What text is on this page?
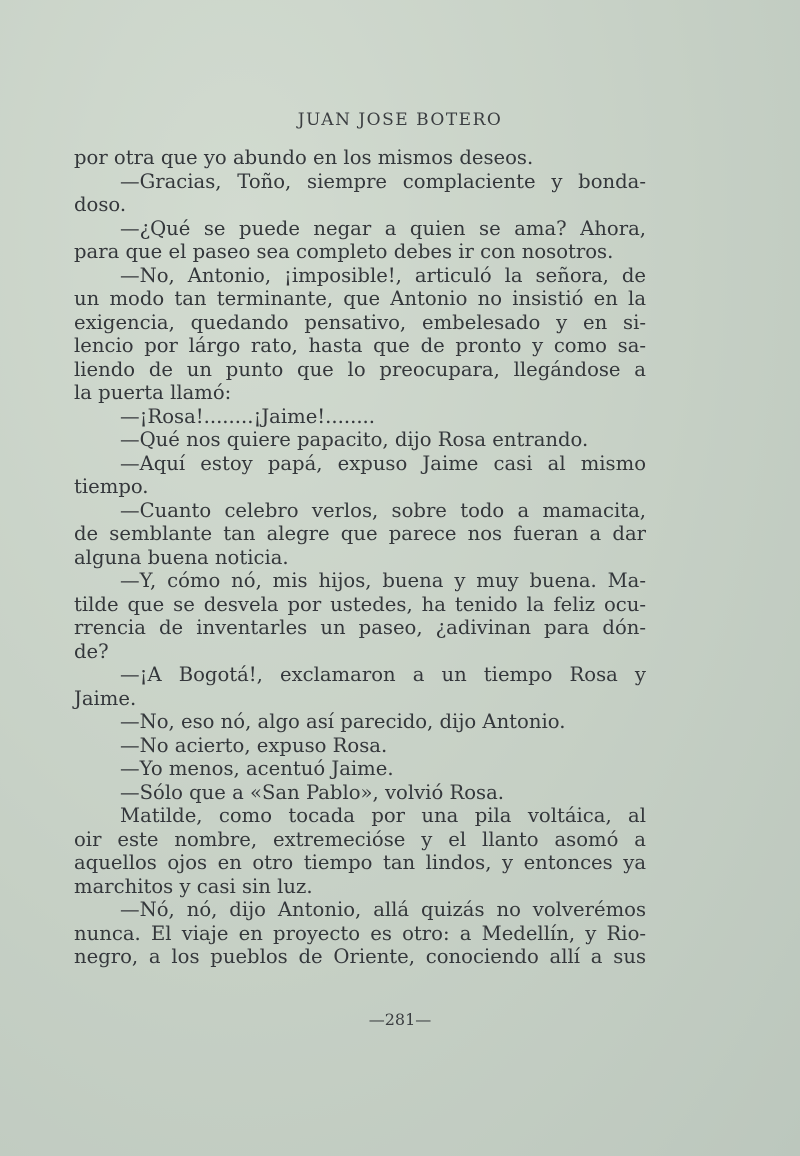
JUAN JOSE BOTERO
por otra que yo abundo en los mismos deseos.
—Gracias, Toño, siempre complaciente y bonda-
doso.
—¿Qué se puede negar a quien se ama? Ahora,
para que el paseo sea completo debes ir con nosotros.
—No, Antonio, ¡imposible!, articuló la señora, de
un modo tan terminante, que Antonio no insistió en la
exigencia, quedando pensativo, embelesado y en si-
lencio por lárgo rato, hasta que de pronto y como sa-
liendo de un punto que lo preocupara, llegándose a
la puerta llamó:
—¡Rosa!........¡Jaime!........
—Qué nos quiere papacito, dijo Rosa entrando.
—Aquí estoy papá, expuso Jaime casi al mismo
tiempo.
—Cuanto celebro verlos, sobre todo a mamacita,
de semblante tan alegre que parece nos fueran a dar
alguna buena noticia.
—Y, cómo nó, mis hijos, buena y muy buena. Ma-
tilde que se desvela por ustedes, ha tenido la feliz ocu-
rrencia de inventarles un paseo, ¿adivinan para dón-
de?
—¡A Bogotá!, exclamaron a un tiempo Rosa y
Jaime.
—No, eso nó, algo así parecido, dijo Antonio.
—No acierto, expuso Rosa.
—Yo menos, acentuó Jaime.
—Sólo que a «San Pablo», volvió Rosa.
Matilde, como tocada por una pila voltáica, al
oir este nombre, extremecióse y el llanto asomó a
aquellos ojos en otro tiempo tan lindos, y entonces ya
marchitos y casi sin luz.
—Nó, nó, dijo Antonio, allá quizás no volverémos
nunca. El viaje en proyecto es otro: a Medellín, y Rio-
negro, a los pueblos de Oriente, conociendo allí a sus
—281—
